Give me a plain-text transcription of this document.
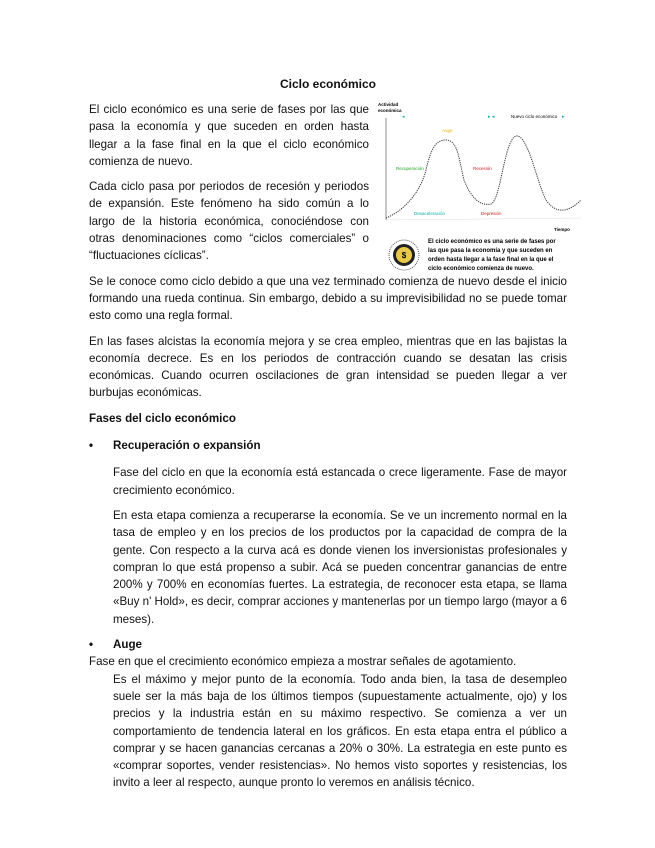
Ciclo económico

El ciclo económico es una serie de fases por las que pasa la economía y que suceden en orden hasta llegar a la fase final en la que el ciclo económico comienza de nuevo.

Cada ciclo pasa por periodos de recesión y periodos de expansión. Este fenómeno ha sido común a lo largo de la historia económica, conociéndose con otras denominaciones como “ciclos comerciales” o “fluctuaciones cíclicas”.

Se le conoce como ciclo debido a que una vez terminado comienza de nuevo desde el inicio formando una rueda continua. Sin embargo, debido a su imprevisibilidad no se puede tomar esto como una regla formal.

En las fases alcistas la economía mejora y se crea empleo, mientras que en las bajistas la economía decrece. Es en los periodos de contracción cuando se desatan las crisis económicas. Cuando ocurren oscilaciones de gran intensidad se pueden llegar a ver burbujas económicas.

Fases del ciclo económico
• Recuperación o expansión

Fase del ciclo en que la economía está estancada o crece ligeramente. Fase de mayor crecimiento económico.

En esta etapa comienza a recuperarse la economía. Se ve un incremento normal en la tasa de empleo y en los precios de los productos por la capacidad de compra de la gente. Con respecto a la curva acá es donde vienen los inversionistas profesionales y compran lo que está propenso a subir. Acá se pueden concentrar ganancias de entre 200% y 700% en economías fuertes. La estrategia, de reconocer esta etapa, se llama «Buy n' Hold», es decir, comprar acciones y mantenerlas por un tiempo largo (mayor a 6 meses).

• Auge

Fase en que el crecimiento económico empieza a mostrar señales de agotamiento.

Es el máximo y mejor punto de la economía. Todo anda bien, la tasa de desempleo suele ser la más baja de los últimos tiempos (supuestamente actualmente, ojo) y los precios y la industria están en su máximo respectivo. Se comienza a ver un comportamiento de tendencia lateral en los gráficos. En esta etapa entra el público a comprar y se hacen ganancias cercanas a 20% o 30%. La estrategia en este punto es «comprar soportes, vender resistencias». No hemos visto soportes y resistencias, los invito a leer al respecto, aunque pronto lo veremos en análisis técnico.

Actividad
económica
Tiempo
Nuevo ciclo económico
◂	▸ ◂	▸
Auge
Recuperación	Recesión
Depresión
Desaceleración
$
El ciclo económico es una serie de fases por
las que pasa la economía y que suceden en
orden hasta llegar a la fase final en la que el
ciclo económico comienza de nuevo.
